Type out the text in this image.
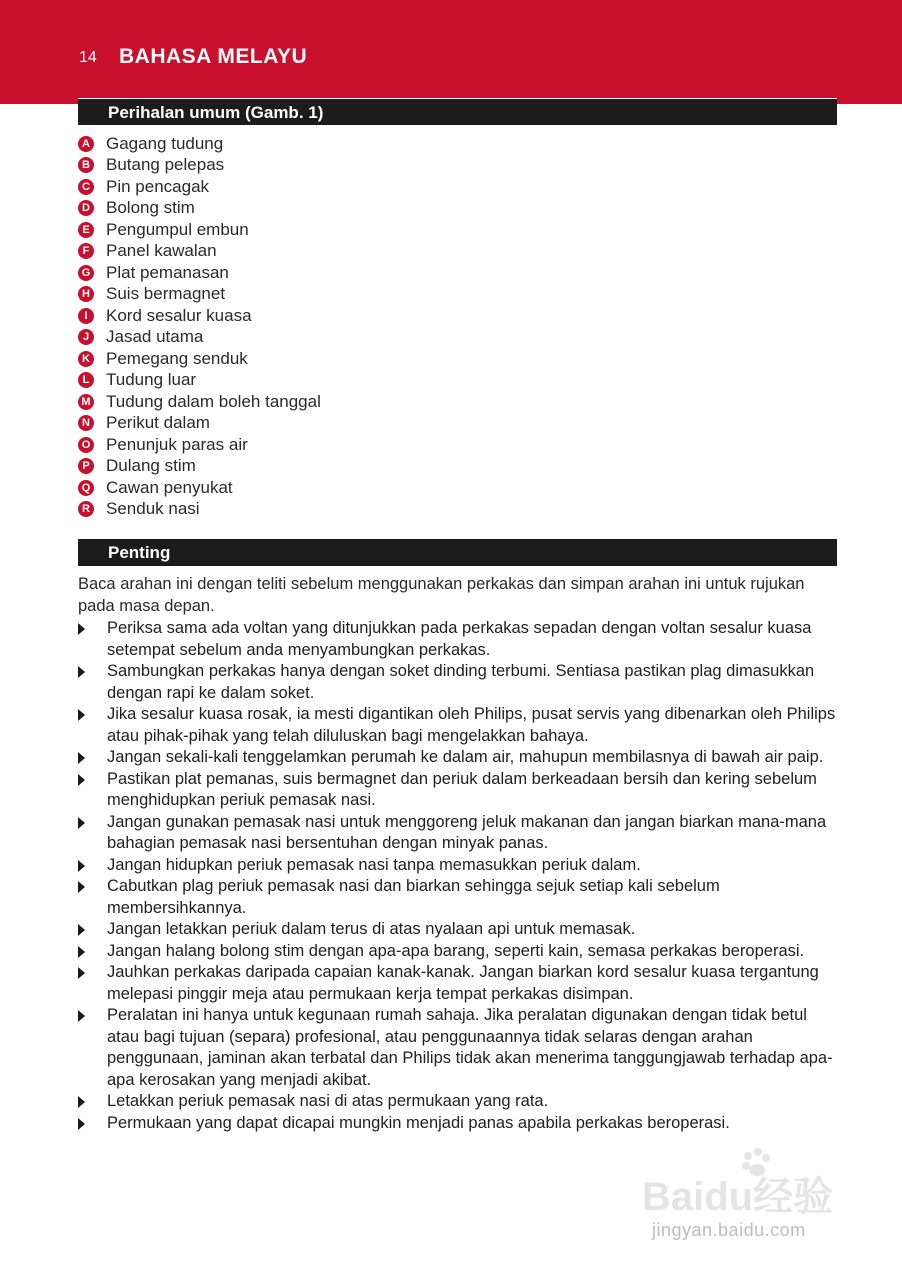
14 BAHASA MELAYU
Perihalan umum (Gamb. 1)
A Gagang tudung
B Butang pelepas
C Pin pencagak
D Bolong stim
E Pengumpul embun
F Panel kawalan
G Plat pemanasan
H Suis bermagnet
I	Kord sesalur kuasa
J Jasad utama
K Pemegang senduk
L Tudung luar
M Tudung dalam boleh tanggal
N Perikut dalam
O Penunjuk paras air
P Dulang stim
Q Cawan penyukat
R Senduk nasi
Penting

Baca arahan ini dengan teliti sebelum menggunakan perkakas dan simpan arahan ini untuk rujukan pada masa depan.

Periksa sama ada voltan yang ditunjukkan pada perkakas sepadan dengan voltan sesalur kuasa setempat sebelum anda menyambungkan perkakas.
Sambungkan perkakas hanya dengan soket dinding terbumi. Sentiasa pastikan plag dimasukkan dengan rapi ke dalam soket.
Jika sesalur kuasa rosak, ia mesti digantikan oleh Philips, pusat servis yang dibenarkan oleh Philips atau pihak-pihak yang telah diluluskan bagi mengelakkan bahaya.
Jangan sekali-kali tenggelamkan perumah ke dalam air, mahupun membilasnya di bawah air paip.
Pastikan plat pemanas, suis bermagnet dan periuk dalam berkeadaan bersih dan kering sebelum menghidupkan periuk pemasak nasi.
Jangan gunakan pemasak nasi untuk menggoreng jeluk makanan dan jangan biarkan mana-mana bahagian pemasak nasi bersentuhan dengan minyak panas.
Jangan hidupkan periuk pemasak nasi tanpa memasukkan periuk dalam.
Cabutkan plag periuk pemasak nasi dan biarkan sehingga sejuk setiap kali sebelum membersihkannya.
Jangan letakkan periuk dalam terus di atas nyalaan api untuk memasak.
Jangan halang bolong stim dengan apa-apa barang, seperti kain, semasa perkakas beroperasi.
Jauhkan perkakas daripada capaian kanak-kanak. Jangan biarkan kord sesalur kuasa tergantung melepasi pinggir meja atau permukaan kerja tempat perkakas disimpan.
Peralatan ini hanya untuk kegunaan rumah sahaja. Jika peralatan digunakan dengan tidak betul atau bagi tujuan (separa) profesional, atau penggunaannya tidak selaras dengan arahan penggunaan, jaminan akan terbatal dan Philips tidak akan menerima tanggungjawab terhadap apa-apa kerosakan yang menjadi akibat.
Letakkan periuk pemasak nasi di atas permukaan yang rata.
Permukaan yang dapat dicapai mungkin menjadi panas apabila perkakas beroperasi.
Baidu经验
jingyan.baidu.com
